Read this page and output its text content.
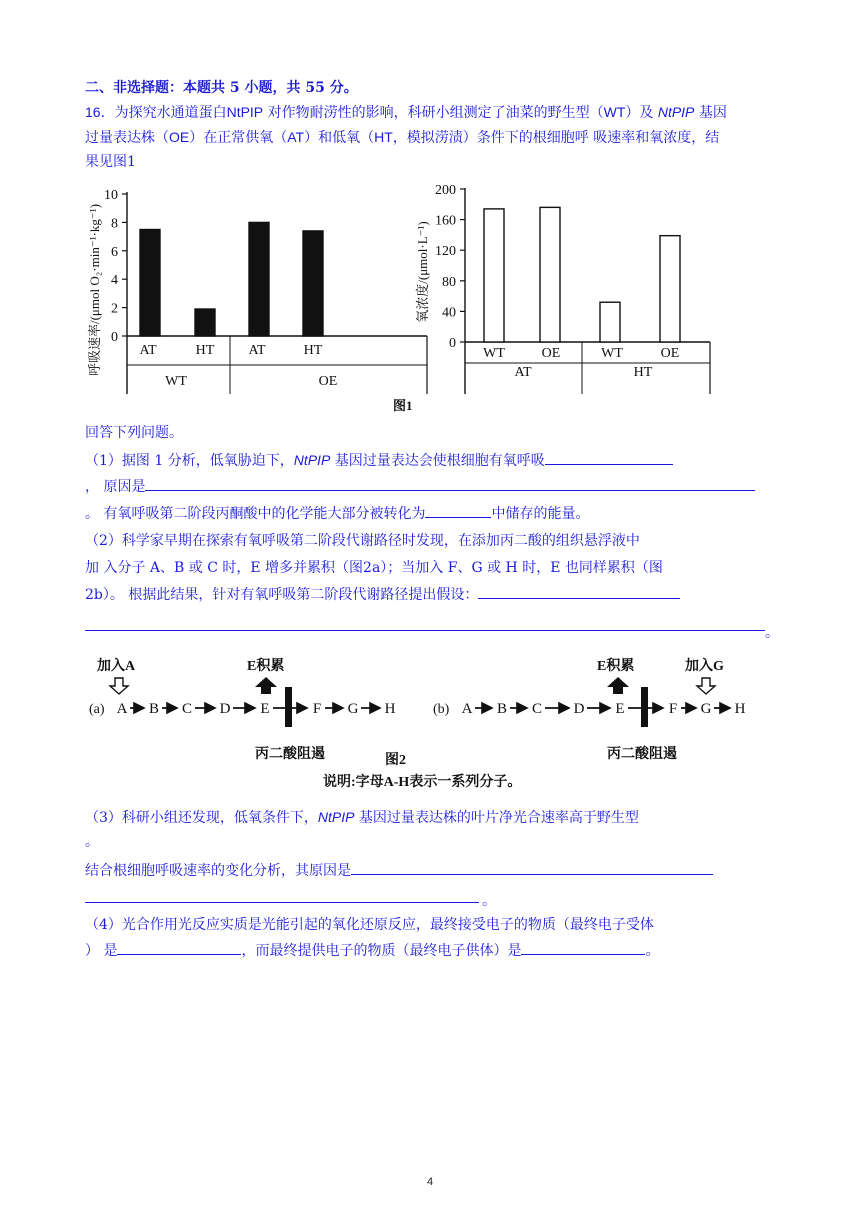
二、非选择题：本题共 5 小题，共 55 分。
16．为探究水通道蛋白NtPIP 对作物耐涝性的影响，科研小组测定了油菜的野生型（WT）及 NtPIP 基因
过量表达株（OE）在正常供氧（AT）和低氧（HT，模拟涝渍）条件下的根细胞呼 吸速率和氧浓度，结
果见图1
呼吸速率/(μmol O₂·min⁻¹·kg⁻¹) 0
2
4
6
8
10
AT	HT AT	HT
WT	OE
氧浓度/(μmol·L⁻¹)
0
40
80
120
160
200
WT	OE	WT	OE
AT	HT
图1
回答下列问题。
（1）据图 1 分析，低氧胁迫下，NtPIP 基因过量表达会使根细胞有氧呼吸
， 原因是
。 有氧呼吸第二阶段丙酮酸中的化学能大部分被转化为	中储存的能量。
（2）科学家早期在探索有氧呼吸第二阶段代谢路径时发现，在添加丙二酸的组织悬浮液中
加 入分子 A、B 或 C 时，E 增多并累积（图2a）；当加入 F、G 或 H 时，E 也同样累积（图
2b）。 根据此结果，针对有氧呼吸第二阶段代谢路径提出假设：
。
(a)
加入A	E积累
A B C D E	F G H
丙二酸阻遏
(b)
E积累	加入G
A B C D E	F G H
丙二酸阻遏
图2
说明:字母A-H表示一系列分子。
（3）科研小组还发现，低氧条件下，NtPIP 基因过量表达株的叶片净光合速率高于野生型
。
结合根细胞呼吸速率的变化分析，其原因是
。
（4）光合作用光反应实质是光能引起的氧化还原反应，最终接受电子的物质（最终电子受体
） 是	，而最终提供电子的物质（最终电子供体）是	。
4
